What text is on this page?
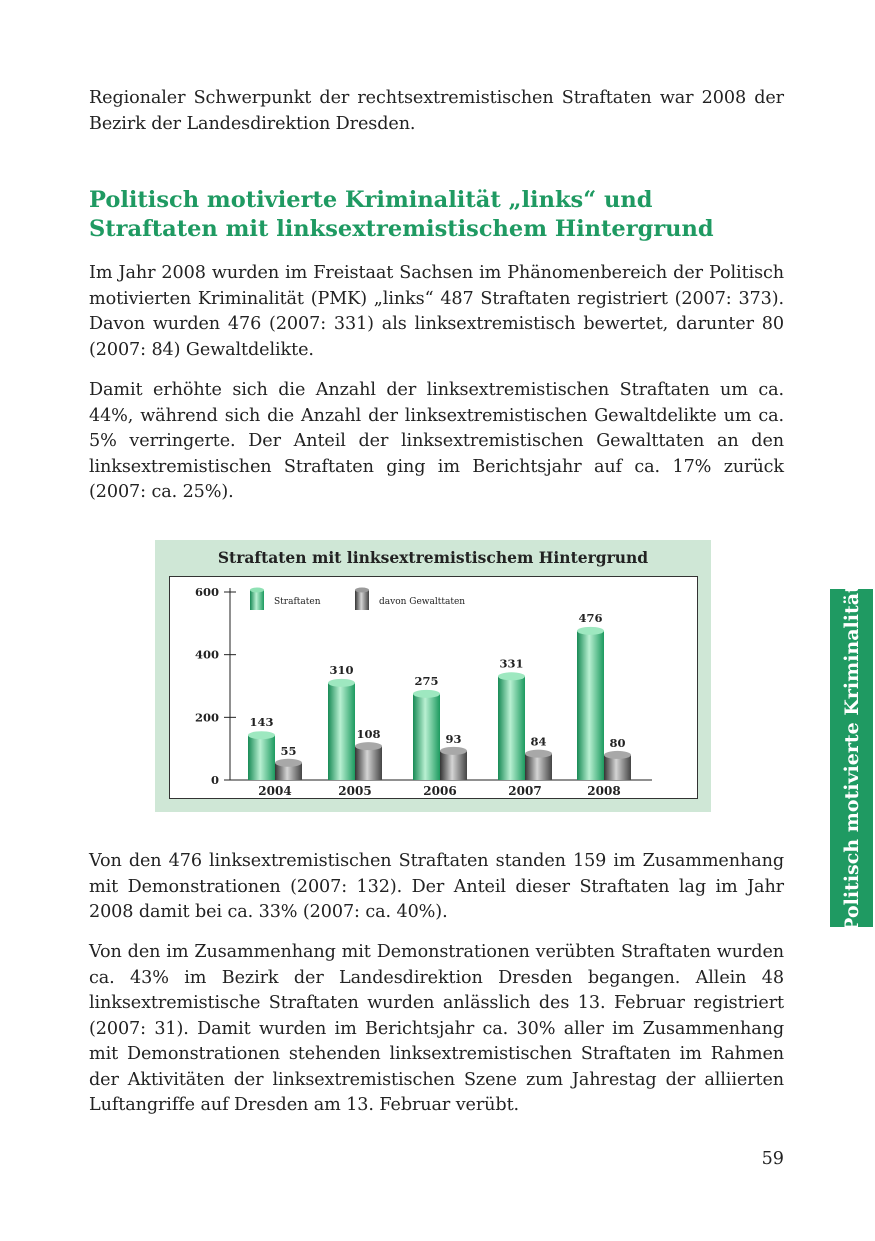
Regionaler Schwerpunkt der rechtsextremistischen Straftaten war 2008 der Bezirk der Landesdirektion Dresden.

Politisch motivierte Kriminalität „links“ und Straftaten mit linksextremistischem Hintergrund

Im Jahr 2008 wurden im Freistaat Sachsen im Phänomenbereich der Politisch motivierten Kriminalität (PMK) „links“ 487 Straftaten registriert (2007: 373). Davon wurden 476 (2007: 331) als linksextremistisch bewertet, darunter 80 (2007: 84) Gewaltdelikte.

Damit erhöhte sich die Anzahl der linksextremistischen Straftaten um ca. 44%, während sich die Anzahl der linksextremistischen Gewaltdelikte um ca. 5% verringerte. Der Anteil der linksextremistischen Gewalttaten an den linksextremistischen Straftaten ging im Berichtsjahr auf ca. 17% zurück (2007: ca. 25%).

Straftaten mit linksextremistischem Hintergrund
0
200
400
600
Straftaten	davon Gewalttaten
143
55
2004
310
108
2005
275
93
2006
331
84
2007
476
80
2008

Von den 476 linksextremistischen Straftaten standen 159 im Zusammenhang mit Demonstrationen (2007: 132). Der Anteil dieser Straftaten lag im Jahr 2008 damit bei ca. 33% (2007: ca. 40%).

Von den im Zusammenhang mit Demonstrationen verübten Straftaten wurden ca. 43% im Bezirk der Landesdirektion Dresden begangen. Allein 48 linksextremistische Straftaten wurden anlässlich des 13. Februar registriert (2007: 31). Damit wurden im Berichtsjahr ca. 30% aller im Zusammenhang mit Demonstrationen stehenden linksextremistischen Straftaten im Rahmen der Aktivitäten der linksextremistischen Szene zum Jahrestag der alliierten Luftangriffe auf Dresden am 13. Februar verübt.

Politisch motivierte Kriminalität
59
